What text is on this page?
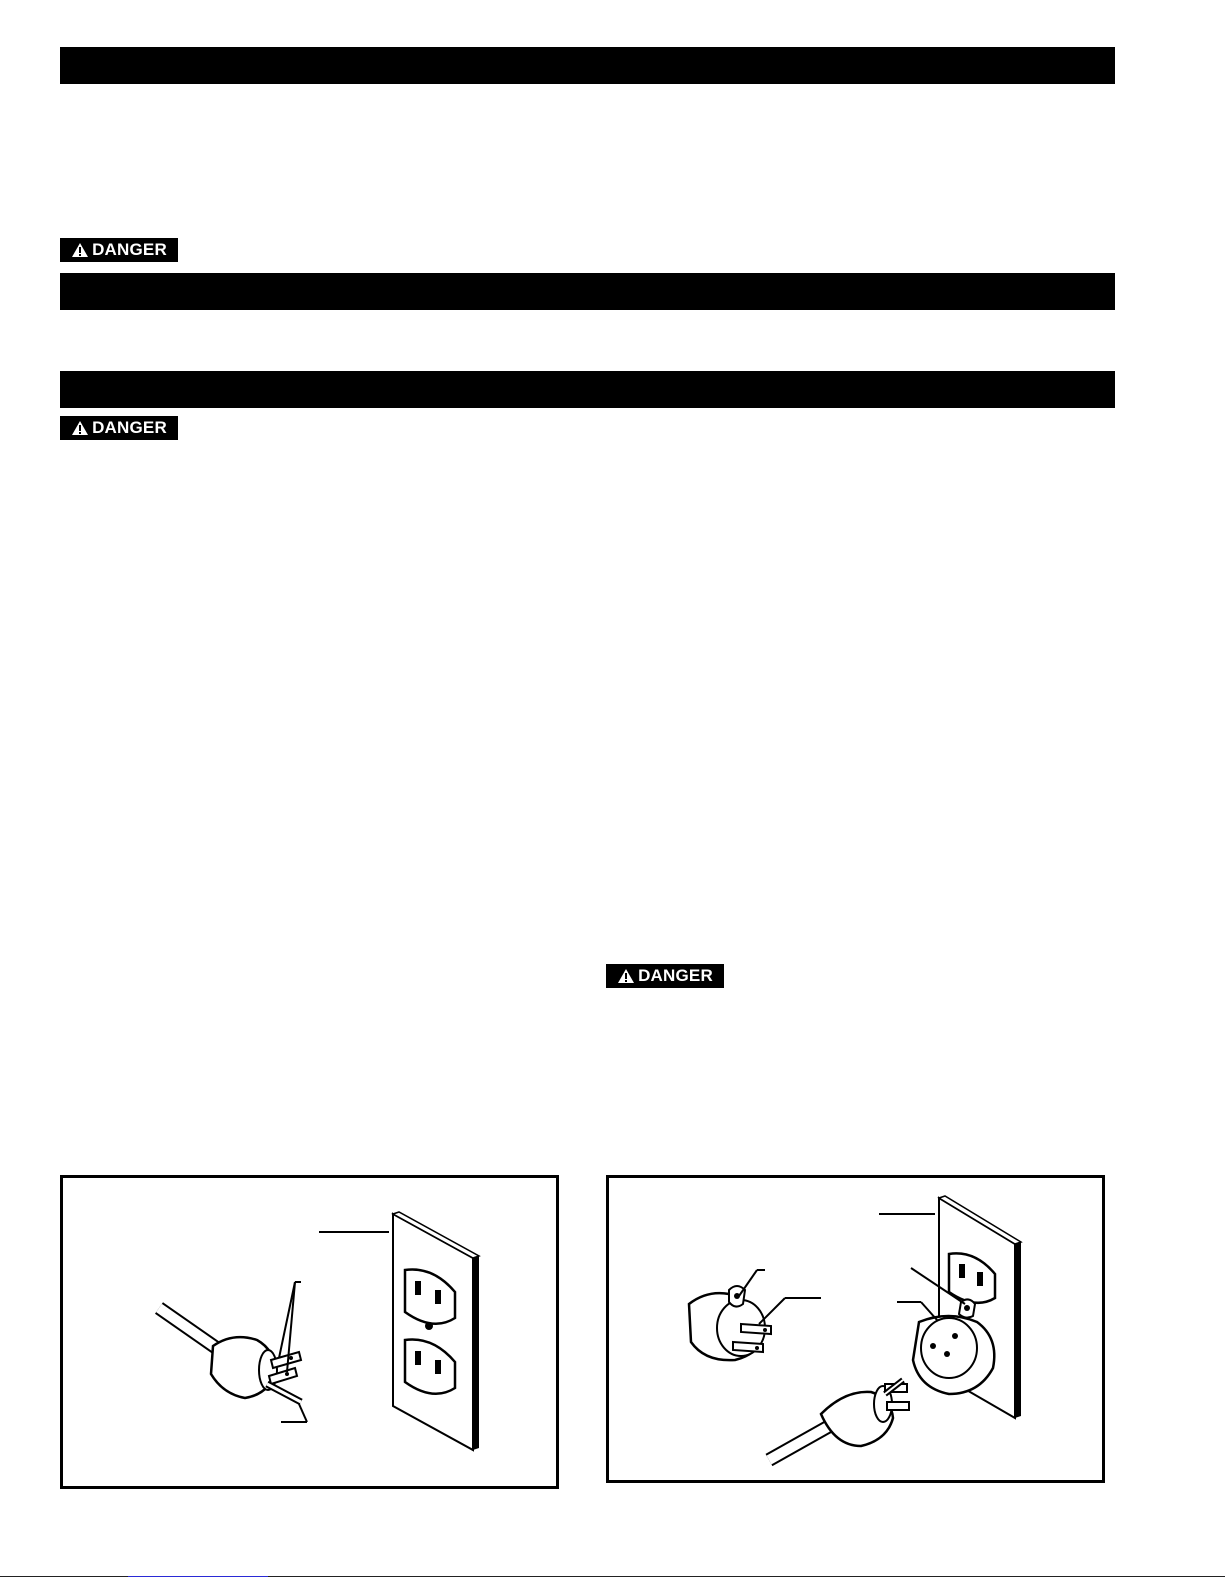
DANGER
DANGER
DANGER
